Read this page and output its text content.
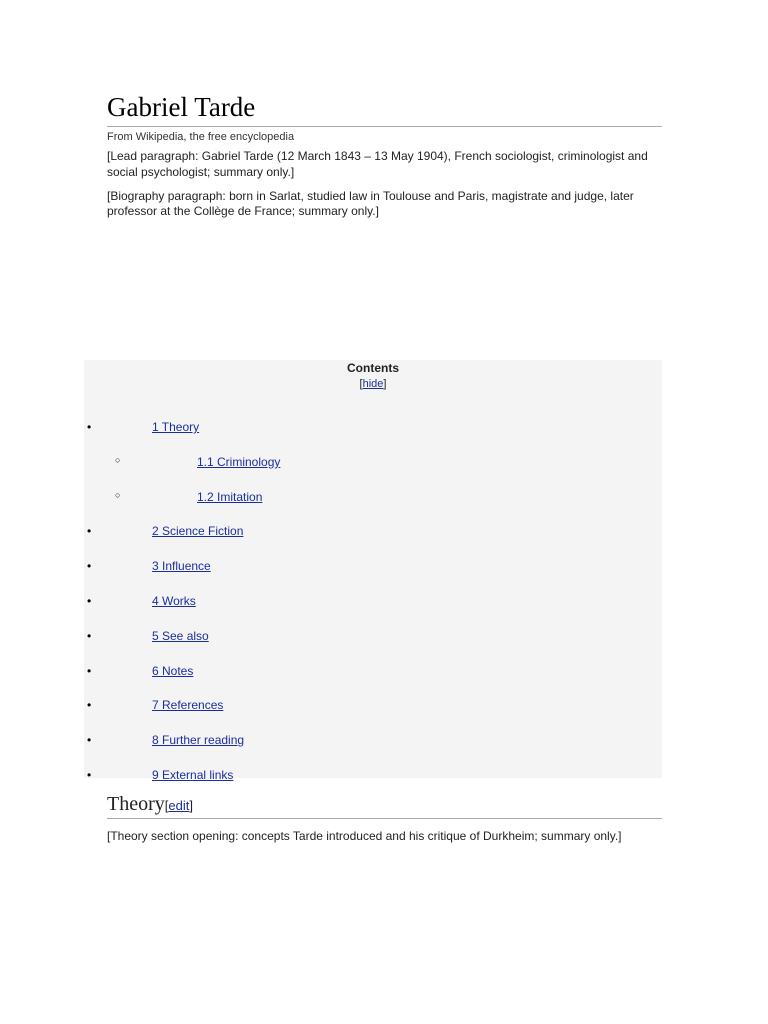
Gabriel Tarde
From Wikipedia, the free encyclopedia

[Lead paragraph: Gabriel Tarde (12 March 1843 – 13 May 1904), French sociologist, criminologist and social psychologist; summary only.]

[Biography paragraph: born in Sarlat, studied law in Toulouse and Paris, magistrate and judge, later professor at the Collège de France; summary only.]

Contents
[hide]
•	1 Theory
○	1.1 Criminology
○	1.2 Imitation
•	2 Science Fiction
•	3 Influence
•	4 Works
•	5 See also
•	6 Notes
•	7 References
•	8 Further reading
•	9 External links
Theory[edit]

[Theory section opening: concepts Tarde introduced and his critique of Durkheim; summary only.]
